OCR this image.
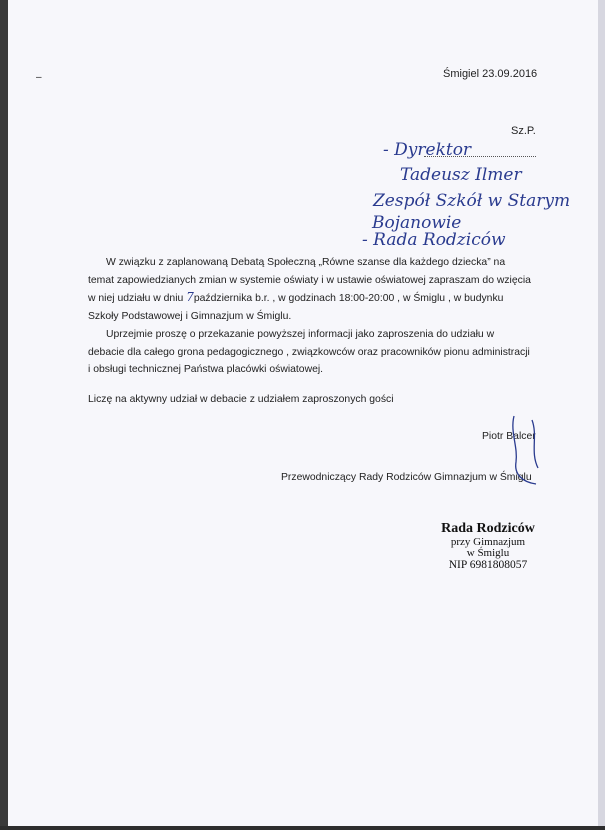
–	Śmigiel 23.09.2016
Sz.P.
- Dyrektor
Tadeusz Ilmer
Zespół Szkół w Starym
Bojanowie
- Rada Rodziców

W związku z zaplanowaną Debatą Społeczną „Równe szanse dla każdego dziecka” na temat zapowiedzianych zmian w systemie oświaty i w ustawie oświatowej zapraszam do wzięcia w niej udziału w dniu 7października b.r. , w godzinach 18:00-20:00 , w Śmiglu , w budynku Szkoły Podstawowej i Gimnazjum w Śmiglu.

Uprzejmie proszę o przekazanie powyższej informacji jako zaproszenia do udziału w debacie dla całego grona pedagogicznego , związkowców oraz pracowników pionu administracji i obsługi technicznej Państwa placówki oświatowej.

Liczę na aktywny udział w debacie z udziałem zaproszonych gości

Piotr Balcer
Przewodniczący Rady Rodziców Gimnazjum w Śmiglu
Rada Rodziców
przy Gimnazjum
w Śmiglu
NIP 6981808057
